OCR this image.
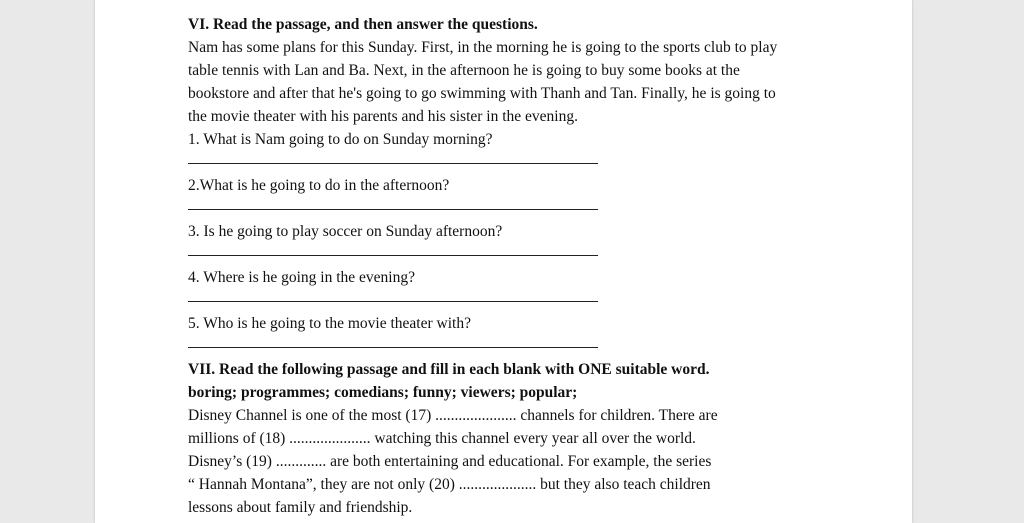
VI. Read the passage, and then answer the questions.
Nam has some plans for this Sunday. First, in the morning he is going to the sports club to play
table tennis with Lan and Ba. Next, in the afternoon he is going to buy some books at the
bookstore and after that he's going to go swimming with Thanh and Tan. Finally, he is going to
the movie theater with his parents and his sister in the evening.
1. What is Nam going to do on Sunday morning?
2.What is he going to do in the afternoon?
3. Is he going to play soccer on Sunday afternoon?
4. Where is he going in the evening?
5. Who is he going to the movie theater with?
VII. Read the following passage and fill in each blank with ONE suitable word.
boring; programmes; comedians; funny; viewers; popular;
Disney Channel is one of the most (17) ..................... channels for children. There are
millions of (18) ..................... watching this channel every year all over the world.
Disney’s (19) ............. are both entertaining and educational. For example, the series
“ Hannah Montana”, they are not only (20) .................... but they also teach children
lessons about family and friendship.
